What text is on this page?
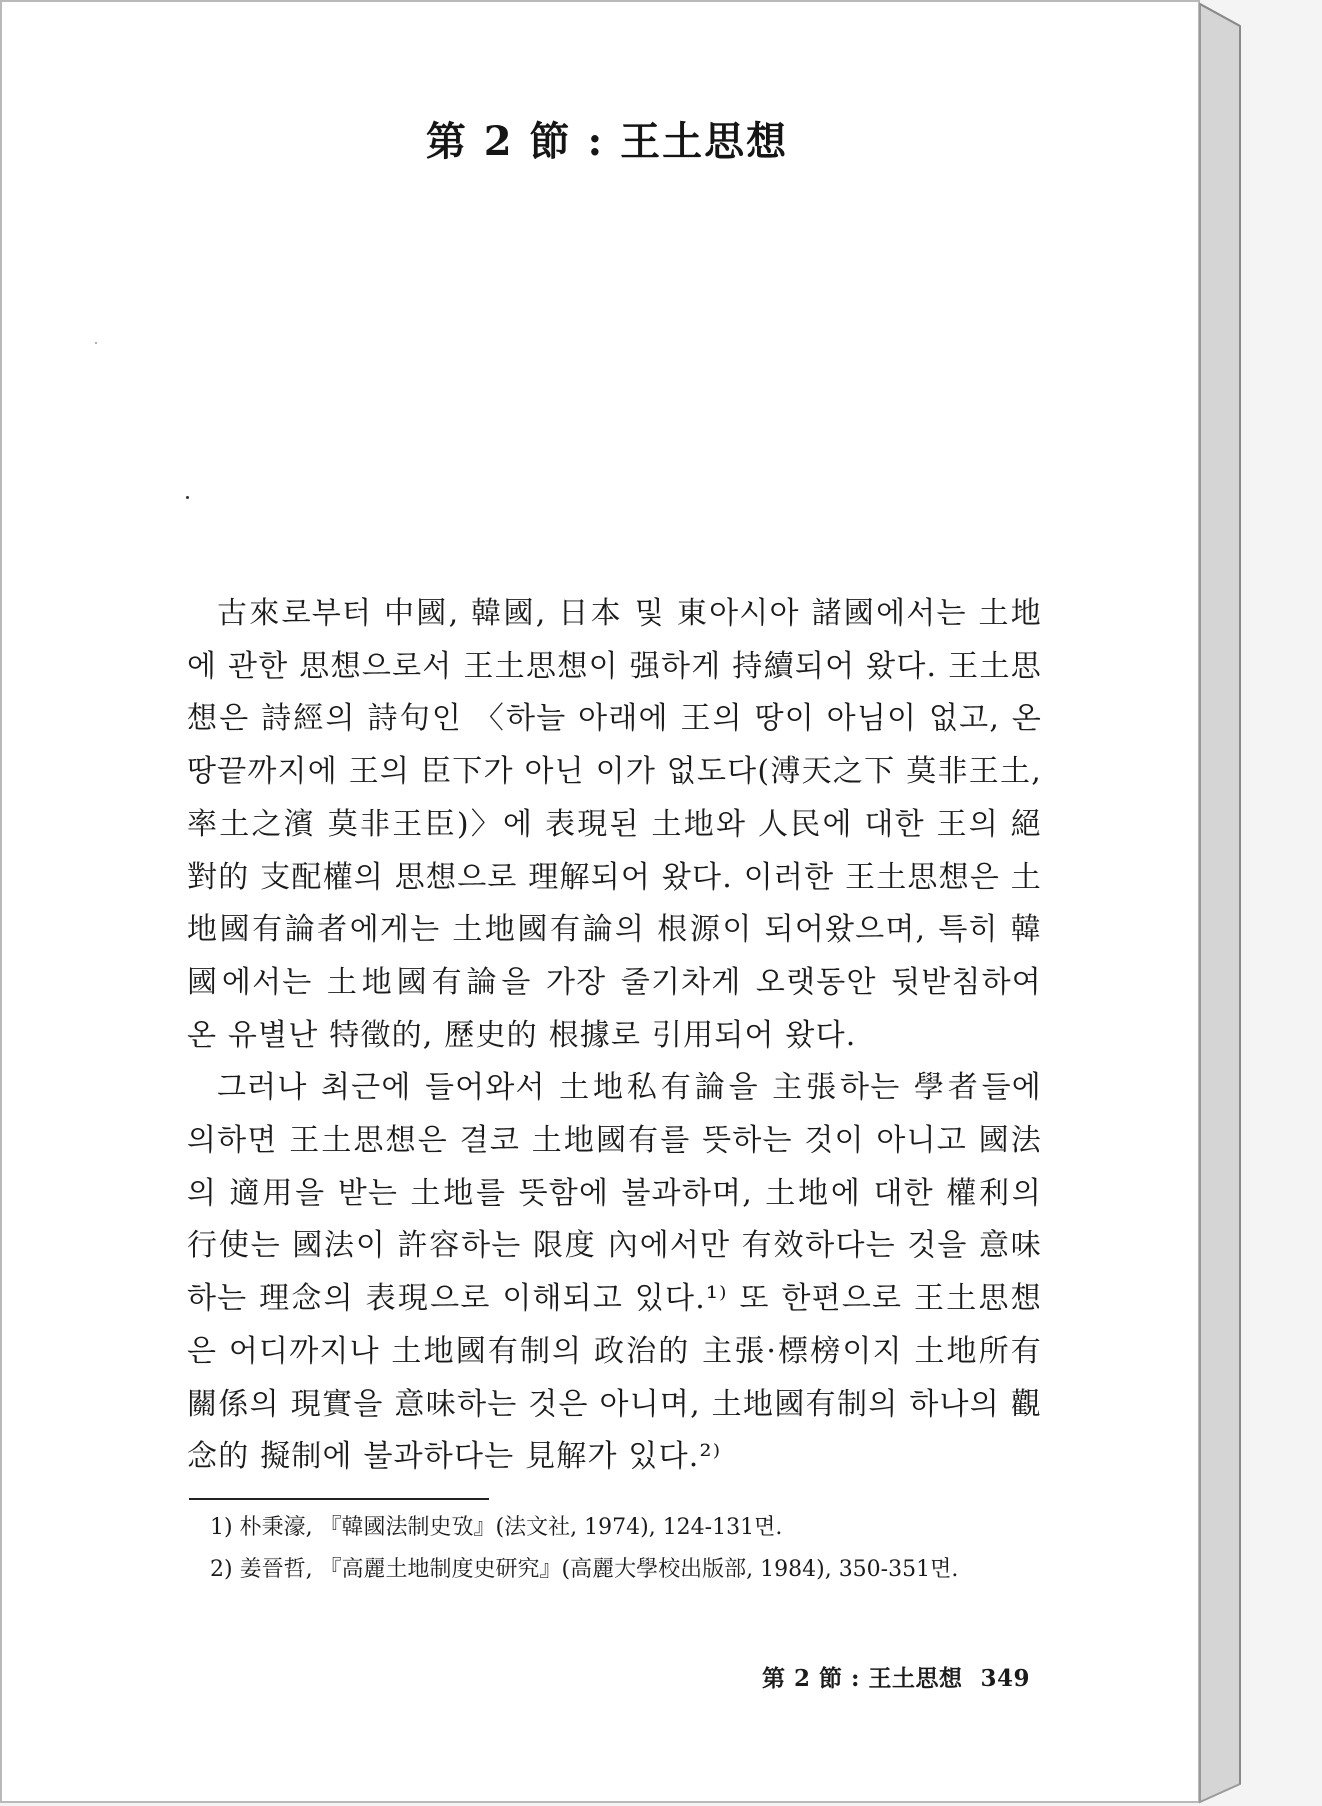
第 2 節 : 王土思想

古來로부터 中國, 韓國, 日本 및 東아시아 諸國에서는 土地에 관한 思想으로서 王土思想이 强하게 持續되어 왔다. 王土思想은 詩經의 詩句인 〈하늘 아래에 王의 땅이 아님이 없고, 온 땅끝까지에 王의 臣下가 아닌 이가 없도다(溥天之下 莫非王土, 率土之濱 莫非王臣)〉에 表現된 土地와 人民에 대한 王의 絕對的 支配權의 思想으로 理解되어 왔다. 이러한 王土思想은 土地國有論者에게는 土地國有論의 根源이 되어왔으며, 특히 韓國에서는 土地國有論을 가장 줄기차게 오랫동안 뒷받침하여 온 유별난 特徵的, 歷史的 根據로 引用되어 왔다.

그러나 최근에 들어와서 土地私有論을 主張하는 學者들에 의하면 王土思想은 결코 土地國有를 뜻하는 것이 아니고 國法의 適用을 받는 土地를 뜻함에 불과하며, 土地에 대한 權利의 行使는 國法이 許容하는 限度 內에서만 有效하다는 것을 意味하는 理念의 表現으로 이해되고 있다.¹⁾ 또 한편으로 王土思想은 어디까지나 土地國有制의 政治的 主張·標榜이지 土地所有關係의 現實을 意味하는 것은 아니며, 土地國有制의 하나의 觀念的 擬制에 불과하다는 見解가 있다.²⁾

1) 朴秉濠, 『韓國法制史攷』(法文社, 1974), 124-131면.

2) 姜晉哲, 『高麗土地制度史研究』(高麗大學校出版部, 1984), 350-351면.

第 2 節 : 王土思想 349
